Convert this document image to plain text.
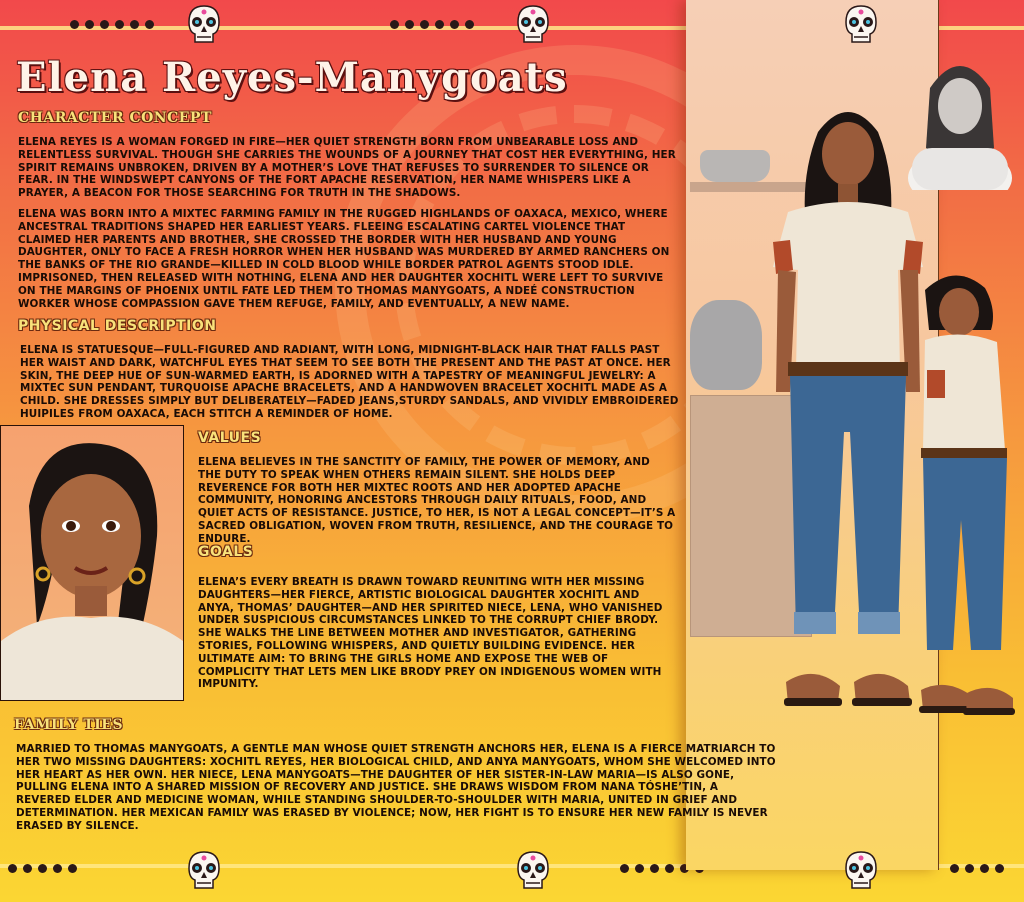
Elena Reyes-Manygoats
CHARACTER CONCEPT

ELENA REYES IS A WOMAN FORGED IN FIRE—HER QUIET STRENGTH BORN FROM UNBEARABLE LOSS AND RELENTLESS SURVIVAL. THOUGH SHE CARRIES THE WOUNDS OF A JOURNEY THAT COST HER EVERYTHING, HER SPIRIT REMAINS UNBROKEN, DRIVEN BY A MOTHER’S LOVE THAT REFUSES TO SURRENDER TO SILENCE OR FEAR. IN THE WINDSWEPT CANYONS OF THE FORT APACHE RESERVATION, HER NAME WHISPERS LIKE A PRAYER, A BEACON FOR THOSE SEARCHING FOR TRUTH IN THE SHADOWS.

ELENA WAS BORN INTO A MIXTEC FARMING FAMILY IN THE RUGGED HIGHLANDS OF OAXACA, MEXICO, WHERE ANCESTRAL TRADITIONS SHAPED HER EARLIEST YEARS. FLEEING ESCALATING CARTEL VIOLENCE THAT CLAIMED HER PARENTS AND BROTHER, SHE CROSSED THE BORDER WITH HER HUSBAND AND YOUNG DAUGHTER, ONLY TO FACE A FRESH HORROR WHEN HER HUSBAND WAS MURDERED BY ARMED RANCHERS ON THE BANKS OF THE RIO GRANDE—KILLED IN COLD BLOOD WHILE BORDER PATROL AGENTS STOOD IDLE. IMPRISONED, THEN RELEASED WITH NOTHING, ELENA AND HER DAUGHTER XOCHITL WERE LEFT TO SURVIVE ON THE MARGINS OF PHOENIX UNTIL FATE LED THEM TO THOMAS MANYGOATS, A NDEÉ CONSTRUCTION WORKER WHOSE COMPASSION GAVE THEM REFUGE, FAMILY, AND EVENTUALLY, A NEW NAME.

PHYSICAL DESCRIPTION

ELENA IS STATUESQUE—FULL-FIGURED AND RADIANT, WITH LONG, MIDNIGHT-BLACK HAIR THAT FALLS PAST HER WAIST AND DARK, WATCHFUL EYES THAT SEEM TO SEE BOTH THE PRESENT AND THE PAST AT ONCE. HER SKIN, THE DEEP HUE OF SUN-WARMED EARTH, IS ADORNED WITH A TAPESTRY OF MEANINGFUL JEWELRY: A MIXTEC SUN PENDANT, TURQUOISE APACHE BRACELETS, AND A HANDWOVEN BRACELET XOCHITL MADE AS A CHILD. SHE DRESSES SIMPLY BUT DELIBERATELY—FADED JEANS,STURDY SANDALS, AND VIVIDLY EMBROIDERED HUIPILES FROM OAXACA, EACH STITCH A REMINDER OF HOME.

VALUES

ELENA BELIEVES IN THE SANCTITY OF FAMILY, THE POWER OF MEMORY, AND THE DUTY TO SPEAK WHEN OTHERS REMAIN SILENT. SHE HOLDS DEEP REVERENCE FOR BOTH HER MIXTEC ROOTS AND HER ADOPTED APACHE COMMUNITY, HONORING ANCESTORS THROUGH DAILY RITUALS, FOOD, AND QUIET ACTS OF RESISTANCE. JUSTICE, TO HER, IS NOT A LEGAL CONCEPT—IT’S A SACRED OBLIGATION, WOVEN FROM TRUTH, RESILIENCE, AND THE COURAGE TO ENDURE.

GOALS

ELENA’S EVERY BREATH IS DRAWN TOWARD REUNITING WITH HER MISSING DAUGHTERS—HER FIERCE, ARTISTIC BIOLOGICAL DAUGHTER XOCHITL AND ANYA, THOMAS’ DAUGHTER—AND HER SPIRITED NIECE, LENA, WHO VANISHED UNDER SUSPICIOUS CIRCUMSTANCES LINKED TO THE CORRUPT CHIEF BRODY. SHE WALKS THE LINE BETWEEN MOTHER AND INVESTIGATOR, GATHERING STORIES, FOLLOWING WHISPERS, AND QUIETLY BUILDING EVIDENCE. HER ULTIMATE AIM: TO BRING THE GIRLS HOME AND EXPOSE THE WEB OF COMPLICITY THAT LETS MEN LIKE BRODY PREY ON INDIGENOUS WOMEN WITH IMPUNITY.

FAMILY TIES

MARRIED TO THOMAS MANYGOATS, A GENTLE MAN WHOSE QUIET STRENGTH ANCHORS HER, ELENA IS A FIERCE MATRIARCH TO HER TWO MISSING DAUGHTERS: XOCHITL REYES, HER BIOLOGICAL CHILD, AND ANYA MANYGOATS, WHOM SHE WELCOMED INTO HER HEART AS HER OWN. HER NIECE, LENA MANYGOATS—THE DAUGHTER OF HER SISTER-IN-LAW MARIA—IS ALSO GONE, PULLING ELENA INTO A SHARED MISSION OF RECOVERY AND JUSTICE. SHE DRAWS WISDOM FROM NANA TÓSHE’TIN, A REVERED ELDER AND MEDICINE WOMAN, WHILE STANDING SHOULDER-TO-SHOULDER WITH MARIA, UNITED IN GRIEF AND DETERMINATION. HER MEXICAN FAMILY WAS ERASED BY VIOLENCE; NOW, HER FIGHT IS TO ENSURE HER NEW FAMILY IS NEVER ERASED BY SILENCE.
